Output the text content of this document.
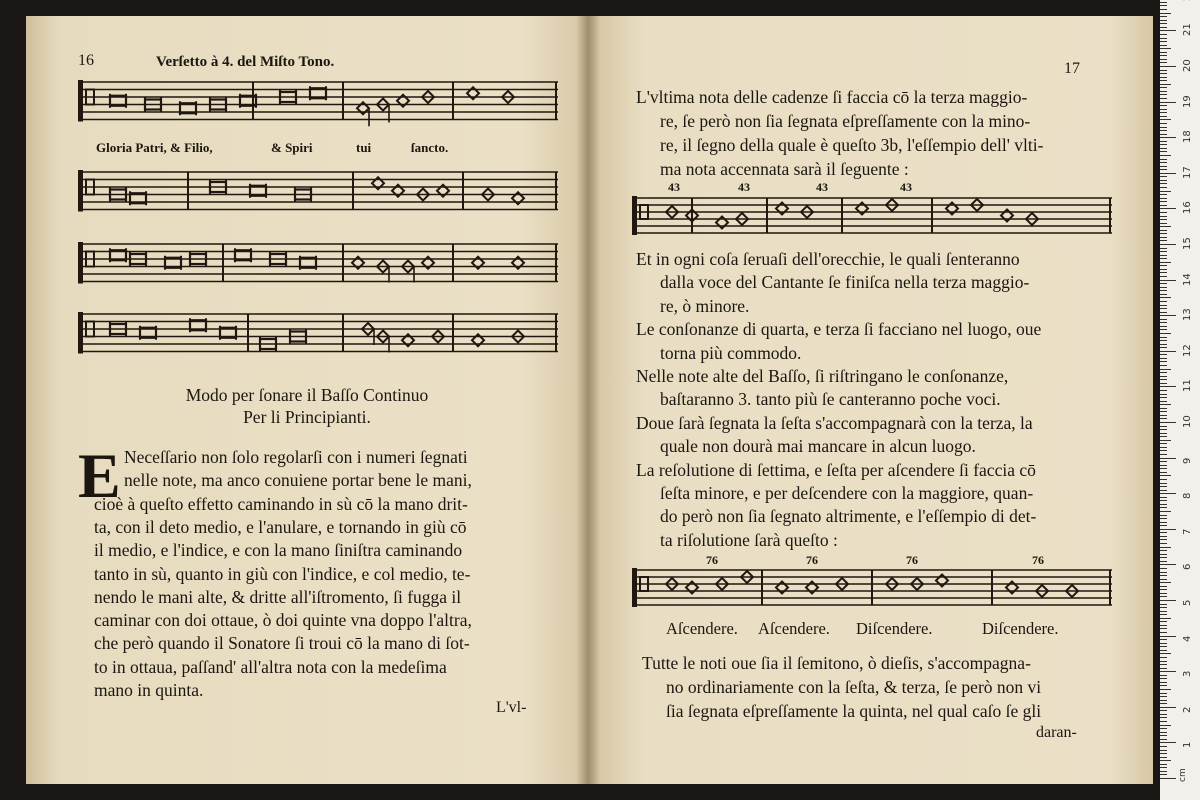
16	Verſetto à 4. del Miſto Tono.
Gloria Patri, & Filio,	& Spiri	tui	ſancto.
Modo per ſonare il Baſſo Continuo
Per li Principianti.
E Neceſſario non ſolo regolarſi con i numeri ſegnati
nelle note, ma anco conuiene portar bene le mani,
cioè à queſto effetto caminando in sù cō la mano drit-
ta, con il deto medio, e l'anulare, e tornando in giù cō
il medio, e l'indice, e con la mano ſiniſtra caminando
tanto in sù, quanto in giù con l'indice, e col medio, te-
nendo le mani alte, & dritte all'iſtromento, ſi fugga il
caminar con doi ottaue, ò doi quinte vna doppo l'altra,
che però quando il Sonatore ſi troui cō la mano di ſot-
to in ottaua, paſſand' all'altra nota con la medeſima
mano in quinta.
L'vl-
17
L'vltima nota delle cadenze ſi faccia cō la terza maggio-
re, ſe però non ſia ſegnata eſpreſſamente con la mino-
re, il ſegno della quale è queſto 3b, l'eſſempio dell' vlti-
ma nota accennata sarà il ſeguente :
43	43	43	43
Et in ogni coſa ſeruaſi dell'orecchie, le quali ſenteranno
dalla voce del Cantante ſe finiſca nella terza maggio-
re, ò minore.
Le conſonanze di quarta, e terza ſi facciano nel luogo, oue
torna più commodo.
Nelle note alte del Baſſo, ſi riſtringano le conſonanze,
baſtaranno 3. tanto più ſe canteranno poche voci.
Doue ſarà ſegnata la ſeſta s'accompagnarà con la terza, la
quale non dourà mai mancare in alcun luogo.
La reſolutione di ſettima, e ſeſta per aſcendere ſi faccia cō
ſeſta minore, e per deſcendere con la maggiore, quan-
do però non ſia ſegnato altrimente, e l'eſſempio di det-
ta riſolutione ſarà queſto :
76	76	76	76
Aſcendere. Aſcendere. Diſcendere.	Diſcendere.
Tutte le noti oue ſia il ſemitono, ò dieſis, s'accompagna-
no ordinariamente con la ſeſta, & terza, ſe però non vi
ſia ſegnata eſpreſſamente la quinta, nel qual caſo ſe gli
daran-
cm
21
20
19
18
17
16
15
14
13
12
11
10
9
8
7
6
5
4
3
2
1
